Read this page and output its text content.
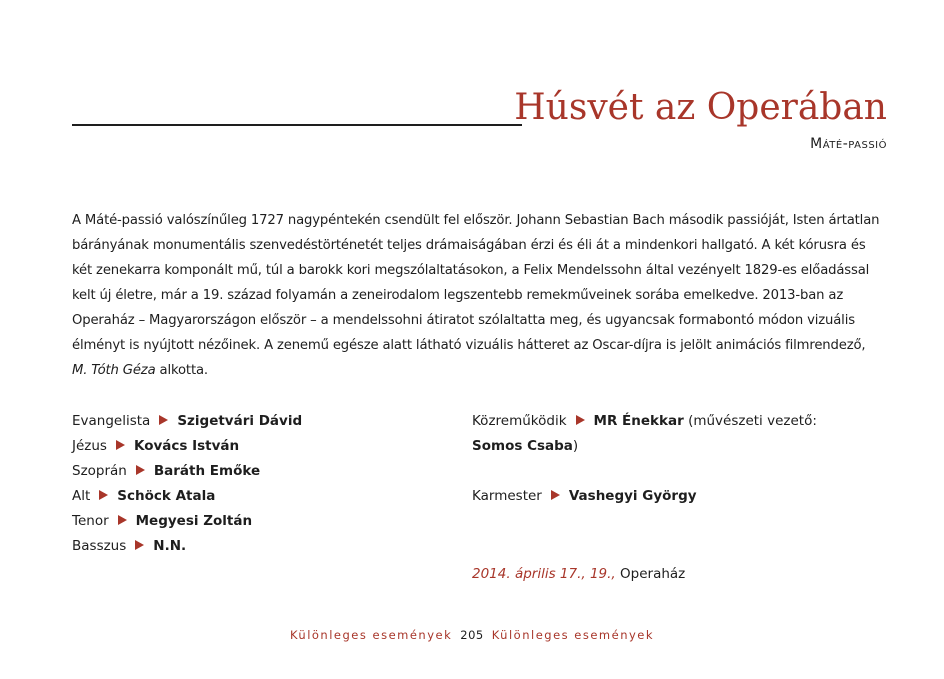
Húsvét az Operában
Máté-passió

A Máté-passió valószínűleg 1727 nagypéntekén csendült fel először. Johann Sebastian Bach második passióját, Isten ártatlan bárányának monumentális szenvedéstörténetét teljes drámaiságában érzi és éli át a mindenkori hallgató. A két kórusra és két zenekarra komponált mű, túl a barokk kori megszólaltatásokon, a Felix Mendelssohn által vezényelt 1829-es előadással kelt új életre, már a 19. század folyamán a zeneirodalom legszentebb remekműveinek sorába emelkedve. 2013-ban az Operaház – Magyarországon először – a mendelssohni átiratot szólaltatta meg, és ugyancsak formabontó módon vizuális élményt is nyújtott nézőinek. A zenemű egésze alatt látható vizuális hátteret az Oscar-díjra is jelölt animációs filmrendező, M. Tóth Géza alkotta.

Evangelista Szigetvári Dávid
Jézus Kovács István
Szoprán Baráth Emőke
Alt Schöck Atala
Tenor Megyesi Zoltán
Basszus N.N.
Közreműködik MR Énekkar (művészeti vezető:
Somos Csaba)
Karmester Vashegyi György
2014. április 17., 19., Operaház
Különleges események 205 Különleges események
